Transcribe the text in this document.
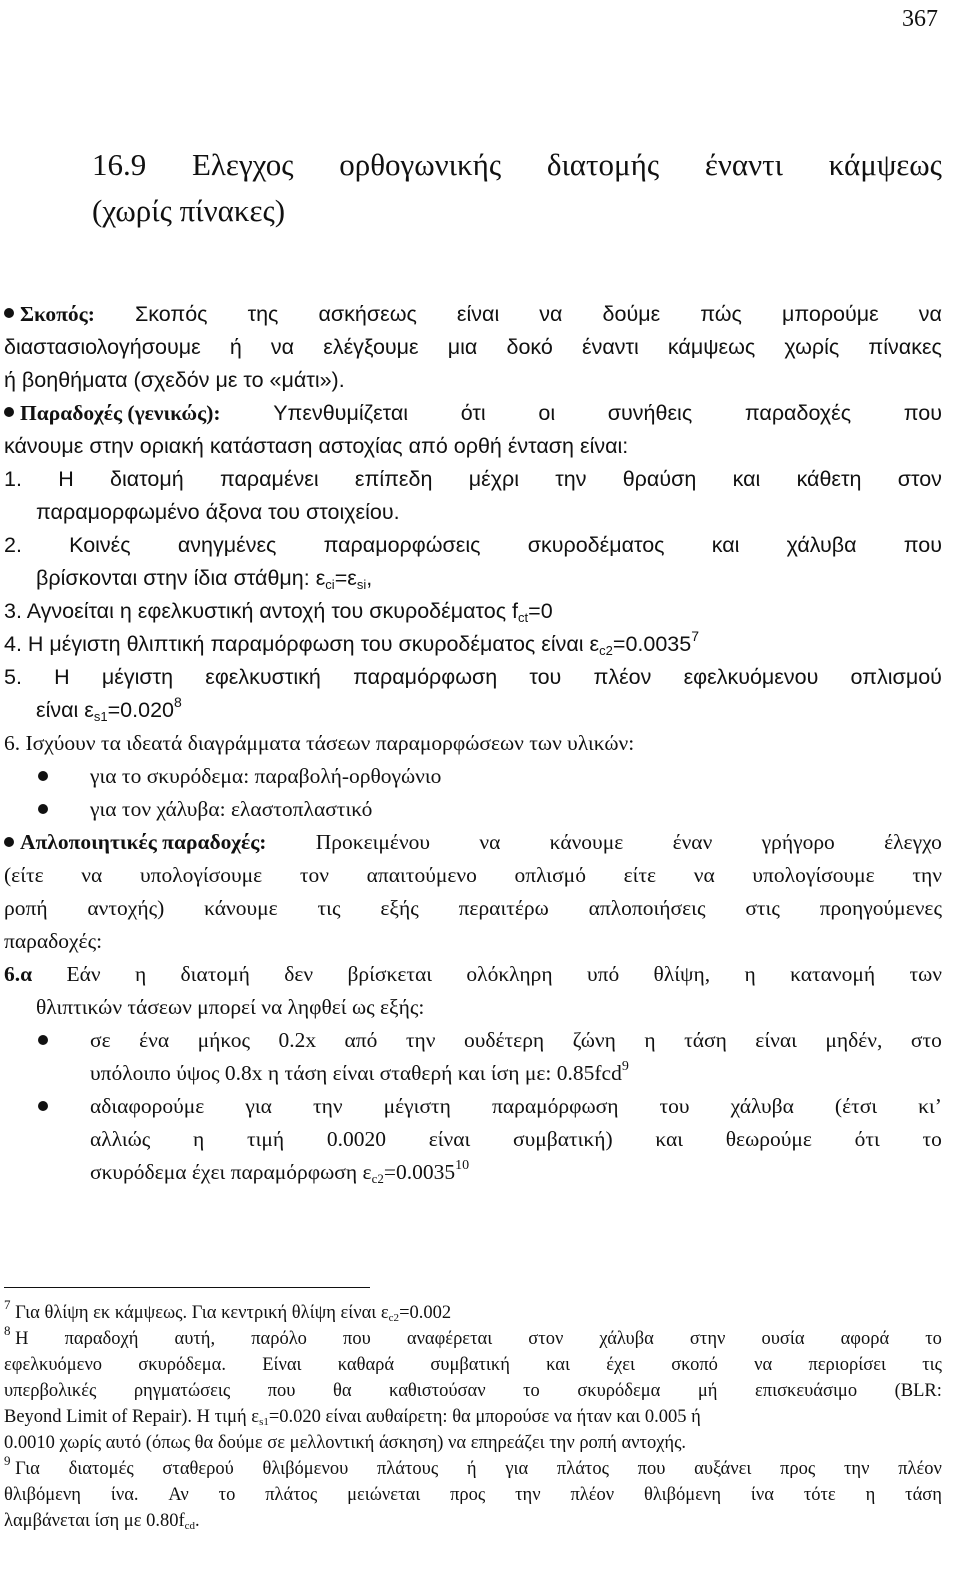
367
16.9 Ελεγχος ορθογωνικής διατομής έναντι κάμψεως
(χωρίς πίνακες)
Σκοπός: Σκοπός της ασκήσεως είναι να δούμε πώς μπορούμε να
διαστασιολογήσουμε ή να ελέγξουμε μια δοκό έναντι κάμψεως χωρίς πίνακες
ή βοηθήματα (σχεδόν με το «μάτι»).
Παραδοχές (γενικώς): Υπενθυμίζεται ότι οι συνήθεις παραδοχές που
κάνουμε στην οριακή κατάσταση αστοχίας από ορθή ένταση είναι:
1. Η διατομή παραμένει επίπεδη μέχρι την θραύση και κάθετη στον
παραμορφωμένο άξονα του στοιχείου.
2. Κοινές ανηγμένες παραμορφώσεις σκυροδέματος και χάλυβα που
βρίσκονται στην ίδια στάθμη: $\varepsilon_{ci}=\varepsilon_{si}$,
3. Αγνοείται η εφελκυστική αντοχή του σκυροδέματος $f_{ct}=0$
4. Η μέγιστη θλιπτική παραμόρφωση του σκυροδέματος είναι $\varepsilon_{c2}=0.0035^7$
5. Η μέγιστη εφελκυστική παραμόρφωση του πλέον εφελκυόμενου οπλισμού
είναι $\varepsilon_{s1}=0.020^8$
6. Ισχύουν τα ιδεατά διαγράμματα τάσεων παραμορφώσεων των υλικών:
για το σκυρόδεμα: παραβολή-ορθογώνιο
για τον χάλυβα: ελαστοπλαστικό
Απλοποιητικές παραδοχές: Προκειμένου να κάνουμε έναν γρήγορο έλεγχο
(είτε να υπολογίσουμε τον απαιτούμενο οπλισμό είτε να υπολογίσουμε την
ροπή αντοχής) κάνουμε τις εξής περαιτέρω απλοποιήσεις στις προηγούμενες
παραδοχές:
6.α Εάν η διατομή δεν βρίσκεται ολόκληρη υπό θλίψη, η κατανομή των
θλιπτικών τάσεων μπορεί να ληφθεί ως εξής:
σε ένα μήκος 0.2x από την ουδέτερη ζώνη η τάση είναι μηδέν, στο
υπόλοιπο ύψος 0.8x η τάση είναι σταθερή και ίση με: 0.85fcd$^9$
αδιαφορούμε για την μέγιστη παραμόρφωση του χάλυβα (έτσι κι’
αλλιώς η τιμή 0.0020 είναι συμβατική) και θεωρούμε ότι το
σκυρόδεμα έχει παραμόρφωση $\varepsilon_{c2}=0.0035^{10}$
$^7$ Για θλίψη εκ κάμψεως. Για κεντρική θλίψη είναι $\varepsilon_{c2}=0.002$
$^8$ Η παραδοχή αυτή, παρόλο που αναφέρεται στον χάλυβα στην ουσία αφορά το
εφελκυόμενο σκυρόδεμα. Είναι καθαρά συμβατική και έχει σκοπό να περιορίσει τις
υπερβολικές ρηγματώσεις που θα καθιστούσαν το σκυρόδεμα μή επισκευάσιμο (BLR:
Beyond Limit of Repair). Η τιμή $\varepsilon_{s1}=0.020$ είναι αυθαίρετη: θα μπορούσε να ήταν και 0.005 ή
0.0010 χωρίς αυτό (όπως θα δούμε σε μελλοντική άσκηση) να επηρεάζει την ροπή αντοχής.
$^9$ Για διατομές σταθερού θλιβόμενου πλάτους ή για πλάτος που αυξάνει προς την πλέον
θλιβόμενη ίνα. Αν το πλάτος μειώνεται προς την πλέον θλιβόμενη ίνα τότε η τάση
λαμβάνεται ίση με $0.80f_{cd}$.
